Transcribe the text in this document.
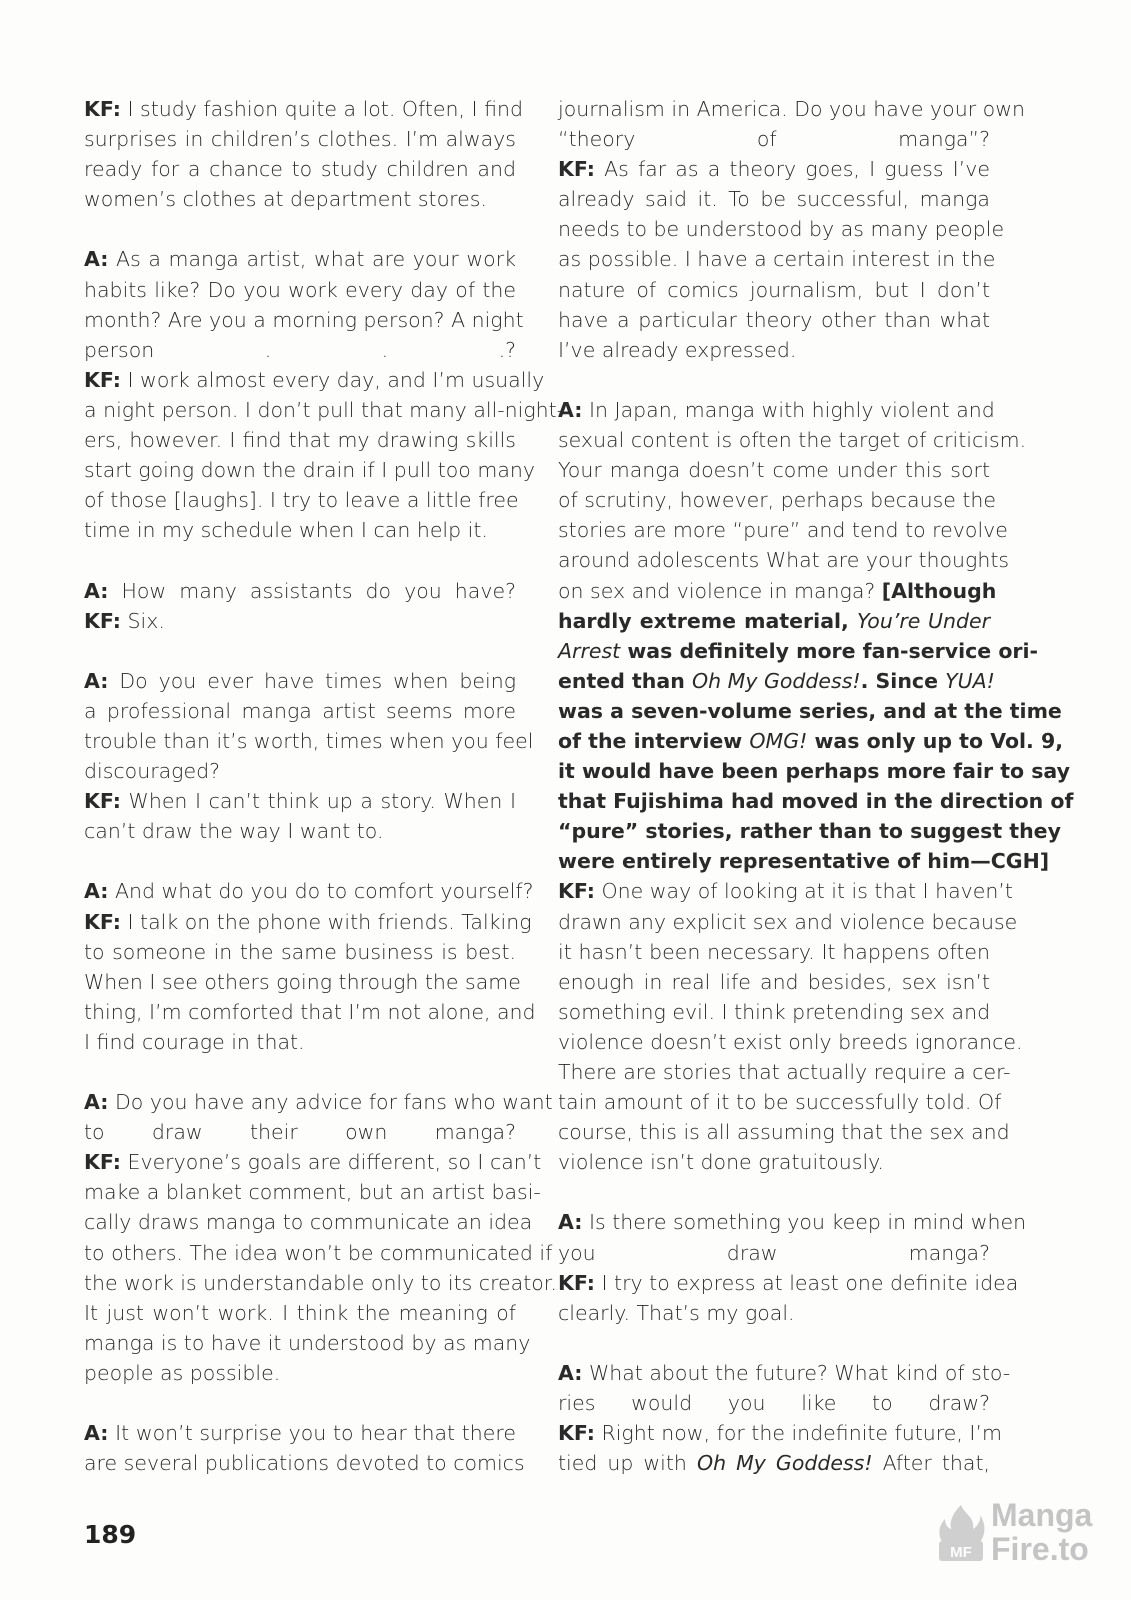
KF: I study fashion quite a lot. Often, I find
surprises in children’s clothes. I’m always
ready for a chance to study children and
women’s clothes at department stores.
A: As a manga artist, what are your work
habits like? Do you work every day of the
month? Are you a morning person? A night
person . . .?
KF: I work almost every day, and I’m usually
a night person. I don’t pull that many all-night-
ers, however. I find that my drawing skills
start going down the drain if I pull too many
of those [laughs]. I try to leave a little free
time in my schedule when I can help it.
A: How many assistants do you have?
KF: Six.
A: Do you ever have times when being
a professional manga artist seems more
trouble than it’s worth, times when you feel
discouraged?
KF: When I can’t think up a story. When I
can’t draw the way I want to.
A: And what do you do to comfort yourself?
KF: I talk on the phone with friends. Talking
to someone in the same business is best.
When I see others going through the same
thing, I’m comforted that I’m not alone, and
I find courage in that.
A: Do you have any advice for fans who want
to draw their own manga?
KF: Everyone’s goals are different, so I can’t
make a blanket comment, but an artist basi-
cally draws manga to communicate an idea
to others. The idea won’t be communicated if
the work is understandable only to its creator.
It just won’t work. I think the meaning of
manga is to have it understood by as many
people as possible.
A: It won’t surprise you to hear that there
are several publications devoted to comics
journalism in America. Do you have your own
“theory of manga”?
KF: As far as a theory goes, I guess I’ve
already said it. To be successful, manga
needs to be understood by as many people
as possible. I have a certain interest in the
nature of comics journalism, but I don’t
have a particular theory other than what
I’ve already expressed.
A: In Japan, manga with highly violent and
sexual content is often the target of criticism.
Your manga doesn’t come under this sort
of scrutiny, however, perhaps because the
stories are more “pure” and tend to revolve
around adolescents What are your thoughts
on sex and violence in manga? [Although
hardly extreme material, You’re Under
Arrest was definitely more fan-service ori-
ented than Oh My Goddess!. Since YUA!
was a seven-volume series, and at the time
of the interview OMG! was only up to Vol. 9,
it would have been perhaps more fair to say
that Fujishima had moved in the direction of
“pure” stories, rather than to suggest they
were entirely representative of him—CGH]
KF: One way of looking at it is that I haven’t
drawn any explicit sex and violence because
it hasn’t been necessary. It happens often
enough in real life and besides, sex isn’t
something evil. I think pretending sex and
violence doesn’t exist only breeds ignorance.
There are stories that actually require a cer-
tain amount of it to be successfully told. Of
course, this is all assuming that the sex and
violence isn’t done gratuitously.
A: Is there something you keep in mind when
you draw manga?
KF: I try to express at least one definite idea
clearly. That’s my goal.
A: What about the future? What kind of sto-
ries would you like to draw?
KF: Right now, for the indefinite future, I’m
tied up with Oh My Goddess! After that,
189
MF
Manga
Fire.to
